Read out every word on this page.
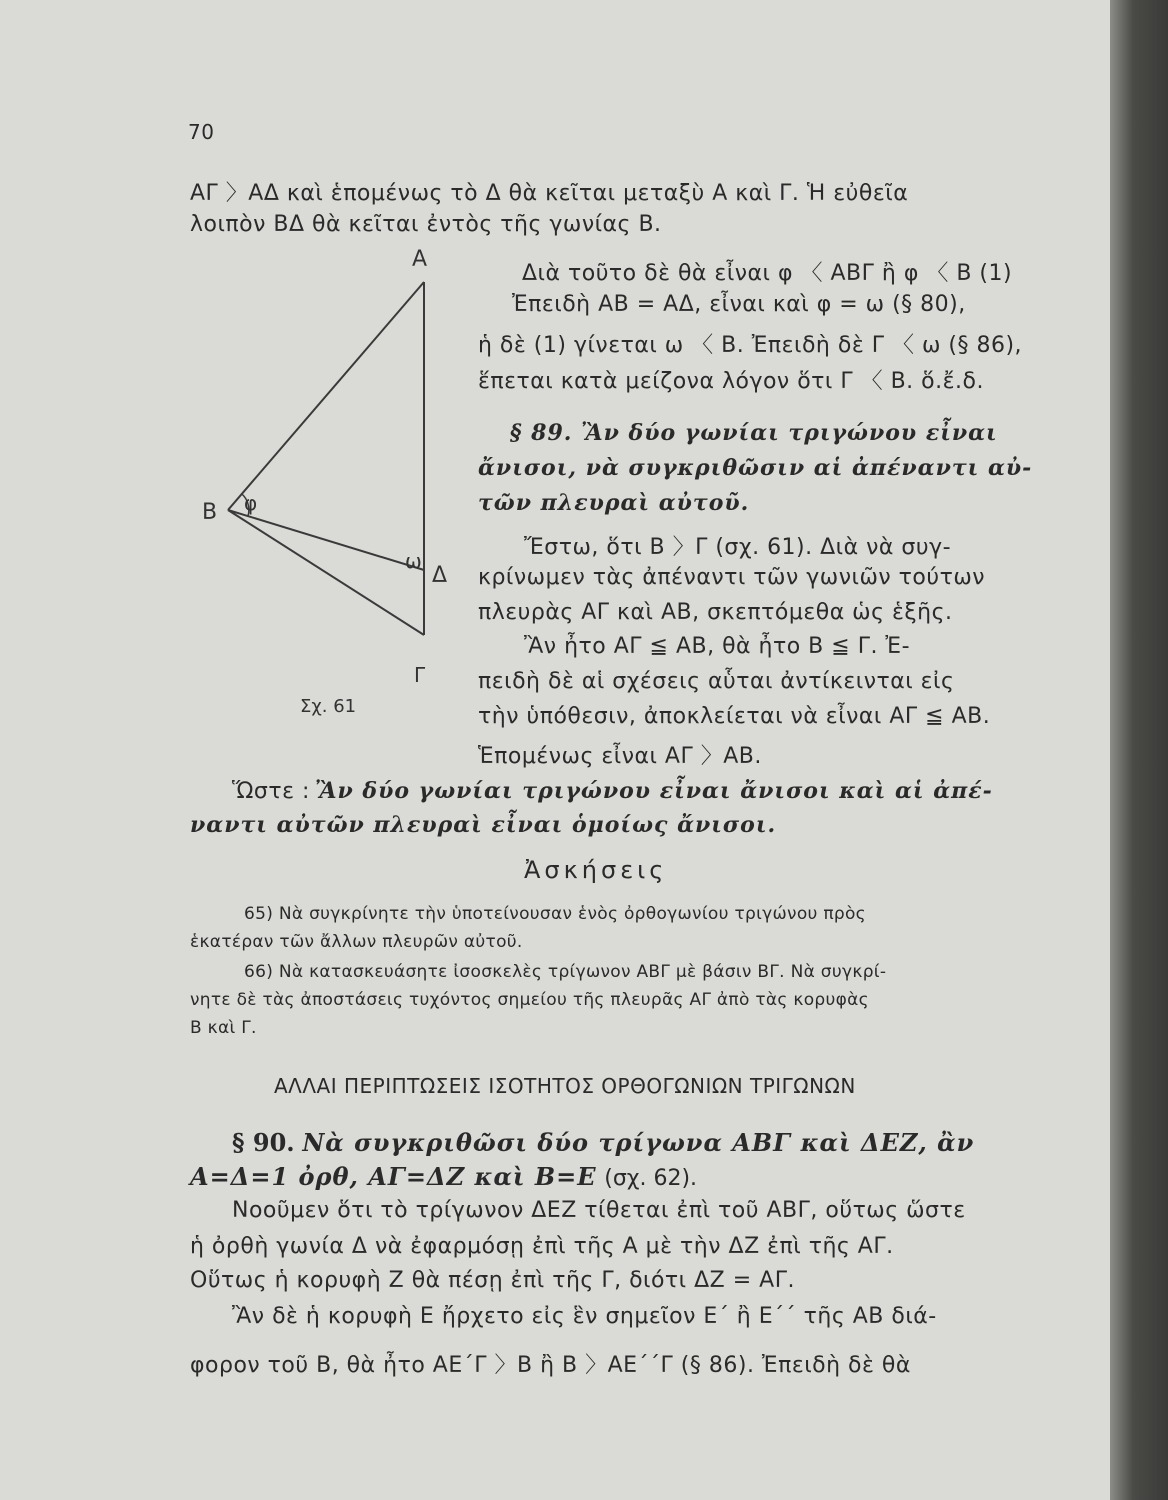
70
ΑΓ 〉ΑΔ καὶ ἑπομένως τὸ Δ θὰ κεῖται μεταξὺ Α καὶ Γ. Ἡ εὐθεῖα
λοιπὸν ΒΔ θὰ κεῖται ἐντὸς τῆς γωνίας Β.
Α
Β
Γ
Δ
φ
ω
Σχ. 61
Διὰ τοῦτο δὲ θὰ εἶναι φ 〈 ΑΒΓ ἢ φ 〈 Β (1)
Ἐπειδὴ ΑΒ = ΑΔ, εἶναι καὶ φ = ω (§ 80),
ἡ δὲ (1) γίνεται ω 〈 Β. Ἐπειδὴ δὲ Γ 〈 ω (§ 86),
ἕπεται κατὰ μείζονα λόγον ὅτι Γ 〈 Β. ὅ.ἔ.δ.
§ 89. Ἂν δύο γωνίαι τριγώνου εἶναι
ἄνισοι, νὰ συγκριθῶσιν αἱ ἀπέναντι αὐ-
τῶν πλευραὶ αὐτοῦ.
Ἔστω, ὅτι Β 〉Γ (σχ. 61). Διὰ νὰ συγ-
κρίνωμεν τὰς ἀπέναντι τῶν γωνιῶν τούτων
πλευρὰς ΑΓ καὶ ΑΒ, σκεπτόμεθα ὡς ἑξῆς.
Ἂν ἦτο ΑΓ ≦ ΑΒ, θὰ ἦτο Β ≦ Γ. Ἐ-
πειδὴ δὲ αἱ σχέσεις αὗται ἀντίκεινται εἰς
τὴν ὑπόθεσιν, ἀποκλείεται νὰ εἶναι ΑΓ ≦ ΑΒ.
Ἑπομένως εἶναι ΑΓ 〉ΑΒ.
Ὥστε : Ἂν δύο γωνίαι τριγώνου εἶναι ἄνισοι καὶ αἱ ἀπέ-
ναντι αὐτῶν πλευραὶ εἶναι ὁμοίως ἄνισοι.
Ἀσκήσεις
65) Νὰ συγκρίνητε τὴν ὑποτείνουσαν ἑνὸς ὀρθογωνίου τριγώνου πρὸς
ἑκατέραν τῶν ἄλλων πλευρῶν αὐτοῦ.
66) Νὰ κατασκευάσητε ἰσοσκελὲς τρίγωνον ΑΒΓ μὲ βάσιν ΒΓ. Νὰ συγκρί-
νητε δὲ τὰς ἀποστάσεις τυχόντος σημείου τῆς πλευρᾶς ΑΓ ἀπὸ τὰς κορυφὰς
Β καὶ Γ.
ΑΛΛΑΙ ΠΕΡΙΠΤΩΣΕΙΣ ΙΣΟΤΗΤΟΣ ΟΡΘΟΓΩΝΙΩΝ ΤΡΙΓΩΝΩΝ
§ 90. Νὰ συγκριθῶσι δύο τρίγωνα ΑΒΓ καὶ ΔΕΖ, ἂν
Α=Δ=1 ὀρθ, ΑΓ=ΔΖ καὶ Β=Ε (σχ. 62).
Νοοῦμεν ὅτι τὸ τρίγωνον ΔΕΖ τίθεται ἐπὶ τοῦ ΑΒΓ, οὕτως ὥστε
ἡ ὀρθὴ γωνία Δ νὰ ἐφαρμόσῃ ἐπὶ τῆς Α μὲ τὴν ΔΖ ἐπὶ τῆς ΑΓ.
Οὕτως ἡ κορυφὴ Ζ θὰ πέσῃ ἐπὶ τῆς Γ, διότι ΔΖ = ΑΓ.
Ἂν δὲ ἡ κορυφὴ Ε ἤρχετο εἰς ἓν σημεῖον Ε΄ ἢ Ε΄΄ τῆς ΑΒ διά-
φορον τοῦ Β, θὰ ἦτο ΑΕ΄Γ 〉Β ἢ Β 〉ΑΕ΄΄Γ (§ 86). Ἐπειδὴ δὲ θὰ
